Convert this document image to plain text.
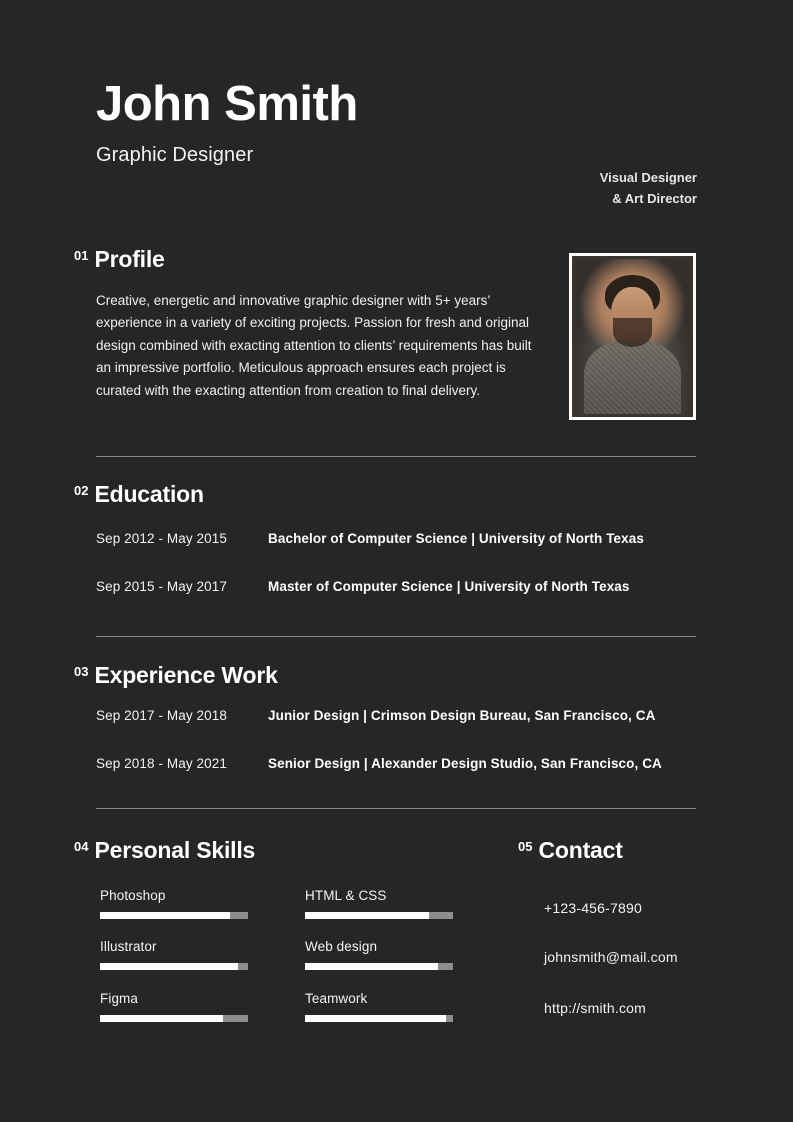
John Smith
Graphic Designer
Visual Designer
& Art Director
01 Profile
Creative, energetic and innovative graphic designer with 5+ years’ experience in a variety of exciting projects. Passion for fresh and original design combined with exacting attention to clients’ requirements has built an impressive portfolio. Meticulous approach ensures each project is curated with the exacting attention from creation to final delivery.
02 Education
Sep 2012 - May 2015	Bachelor of Computer Science | University of North Texas
Sep 2015 - May 2017	Master of Computer Science | University of North Texas
03 Experience Work
Sep 2017 - May 2018	Junior Design | Crimson Design Bureau, San Francisco, CA
Sep 2018 - May 2021	Senior Design | Alexander Design Studio, San Francisco, CA
04 Personal Skills
Photoshop
Illustrator
Figma
HTML & CSS
Web design
Teamwork
05 Contact
+123-456-7890
johnsmith@mail.com
http://smith.com
